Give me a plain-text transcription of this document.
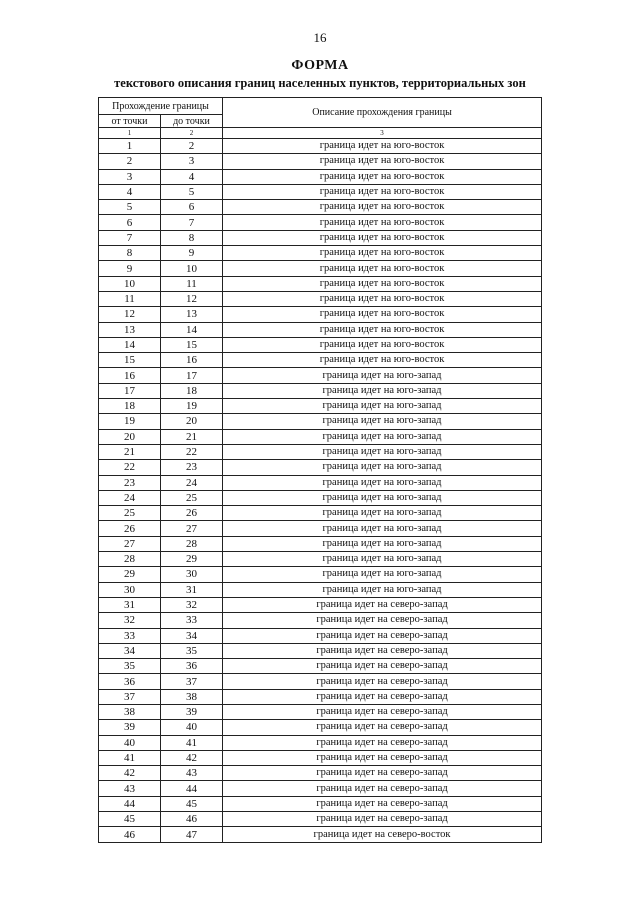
16
ФОРМА
текстового описания границ населенных пунктов, территориальных зон
Прохождение границы		Описание прохождения границы
от точки	до точки	
1	2	3
1	2	граница идет на юго-восток
2	3	граница идет на юго-восток
3	4	граница идет на юго-восток
4	5	граница идет на юго-восток
5	6	граница идет на юго-восток
6	7	граница идет на юго-восток
7	8	граница идет на юго-восток
8	9	граница идет на юго-восток
9	10	граница идет на юго-восток
10	11	граница идет на юго-восток
11	12	граница идет на юго-восток
12	13	граница идет на юго-восток
13	14	граница идет на юго-восток
14	15	граница идет на юго-восток
15	16	граница идет на юго-восток
16	17	граница идет на юго-запад
17	18	граница идет на юго-запад
18	19	граница идет на юго-запад
19	20	граница идет на юго-запад
20	21	граница идет на юго-запад
21	22	граница идет на юго-запад
22	23	граница идет на юго-запад
23	24	граница идет на юго-запад
24	25	граница идет на юго-запад
25	26	граница идет на юго-запад
26	27	граница идет на юго-запад
27	28	граница идет на юго-запад
28	29	граница идет на юго-запад
29	30	граница идет на юго-запад
30	31	граница идет на юго-запад
31	32	граница идет на северо-запад
32	33	граница идет на северо-запад
33	34	граница идет на северо-запад
34	35	граница идет на северо-запад
35	36	граница идет на северо-запад
36	37	граница идет на северо-запад
37	38	граница идет на северо-запад
38	39	граница идет на северо-запад
39	40	граница идет на северо-запад
40	41	граница идет на северо-запад
41	42	граница идет на северо-запад
42	43	граница идет на северо-запад
43	44	граница идет на северо-запад
44	45	граница идет на северо-запад
45	46	граница идет на северо-запад
46	47	граница идет на северо-восток
